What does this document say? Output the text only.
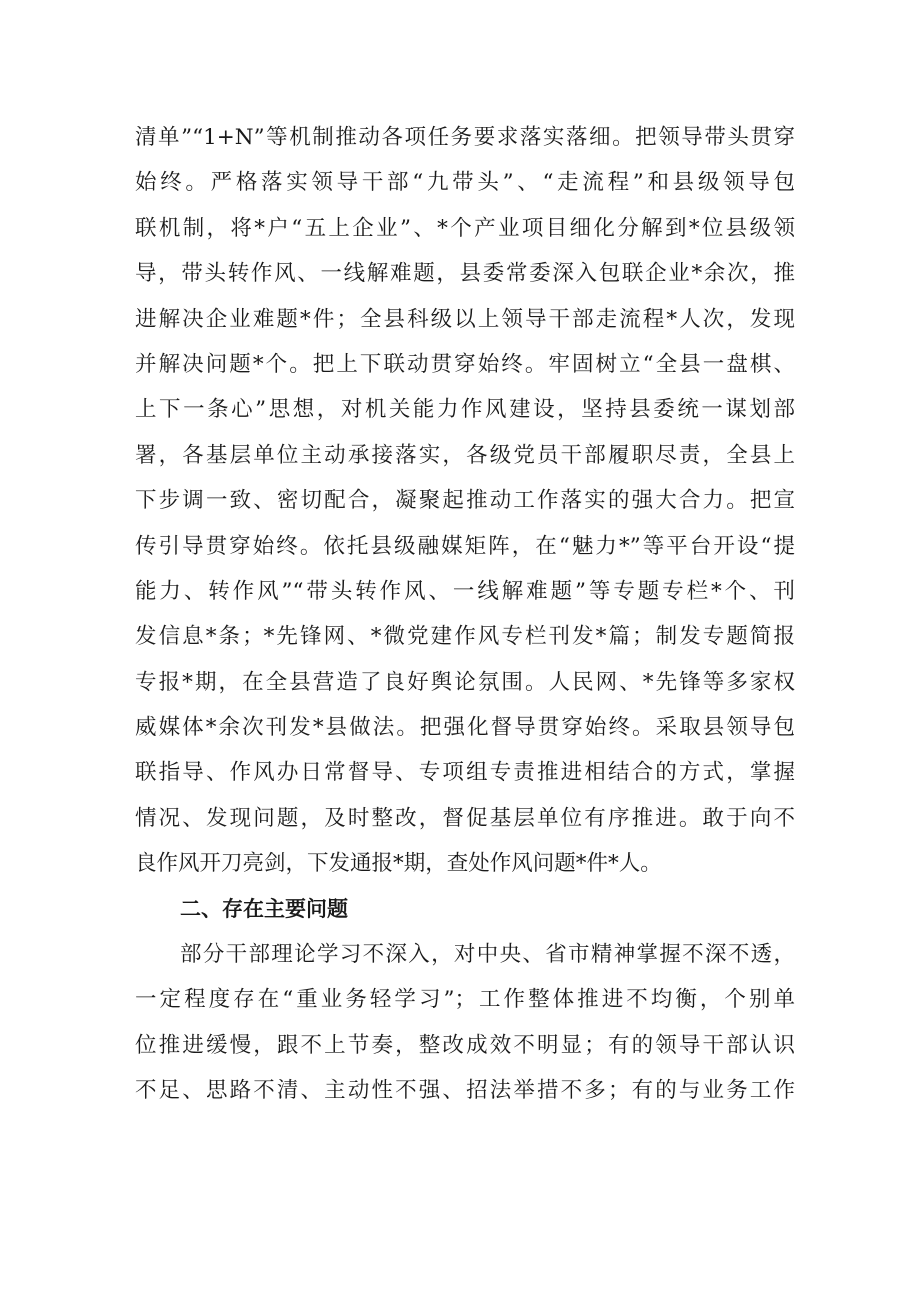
清单”“1+N”等机制推动各项任务要求落实落细。把领导带头贯穿
始终。严格落实领导干部“九带头”、“走流程”和县级领导包
联机制，将*户“五上企业”、*个产业项目细化分解到*位县级领
导，带头转作风、一线解难题，县委常委深入包联企业*余次，推
进解决企业难题*件；全县科级以上领导干部走流程*人次，发现
并解决问题*个。把上下联动贯穿始终。牢固树立“全县一盘棋、
上下一条心”思想，对机关能力作风建设，坚持县委统一谋划部
署，各基层单位主动承接落实，各级党员干部履职尽责，全县上
下步调一致、密切配合，凝聚起推动工作落实的强大合力。把宣
传引导贯穿始终。依托县级融媒矩阵，在“魅力*”等平台开设“提
能力、转作风”“带头转作风、一线解难题”等专题专栏*个、刊
发信息*条；*先锋网、*微党建作风专栏刊发*篇；制发专题简报
专报*期，在全县营造了良好舆论氛围。人民网、*先锋等多家权
威媒体*余次刊发*县做法。把强化督导贯穿始终。采取县领导包
联指导、作风办日常督导、专项组专责推进相结合的方式，掌握
情况、发现问题，及时整改，督促基层单位有序推进。敢于向不
良作风开刀亮剑，下发通报*期，查处作风问题*件*人。
二、存在主要问题
部分干部理论学习不深入，对中央、省市精神掌握不深不透，
一定程度存在“重业务轻学习”；工作整体推进不均衡，个别单
位推进缓慢，跟不上节奏，整改成效不明显；有的领导干部认识
不足、思路不清、主动性不强、招法举措不多；有的与业务工作
